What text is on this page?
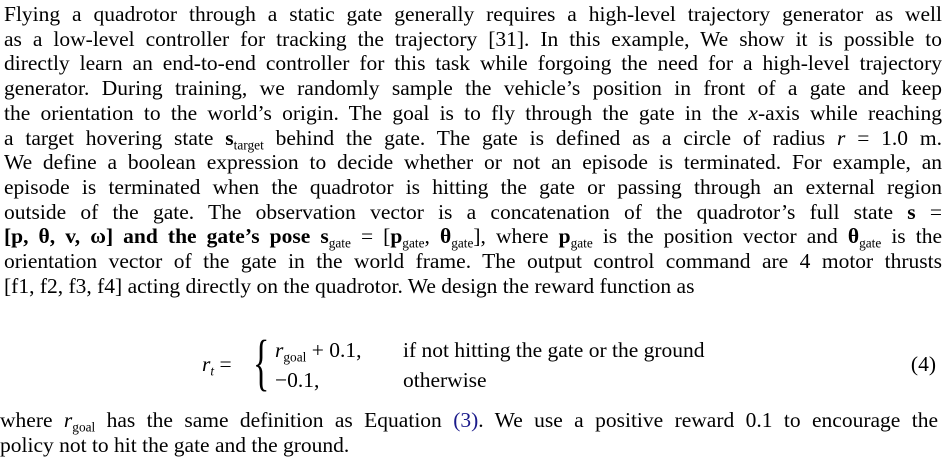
Flying a quadrotor through a static gate generally requires a high-level trajectory generator as well
as a low-level controller for tracking the trajectory [31]. In this example, We show it is possible to
directly learn an end-to-end controller for this task while forgoing the need for a high-level trajectory
generator. During training, we randomly sample the vehicle’s position in front of a gate and keep
the orientation to the world’s origin. The goal is to fly through the gate in the x-axis while reaching
a target hovering state $s_{target}$ behind the gate. The gate is defined as a circle of radius r = 1.0 m.
We define a boolean expression to decide whether or not an episode is terminated. For example, an
episode is terminated when the quadrotor is hitting the gate or passing through an external region
outside of the gate. The observation vector is a concatenation of the quadrotor’s full state s =
[p, θ, v, ω] and the gate’s pose $s_{gate} = [p_{gate}$, $\theta_{gate}$], where $p_{gate}$ is the position vector and $\theta_{gate}$ is the
orientation vector of the gate in the world frame. The output control command are 4 motor thrusts
[f1, f2, f3, f4] acting directly on the quadrotor. We design the reward function as
$r_t$ = { $r_{goal} + 0.1$, if not hitting the gate or the ground
−0.1,	otherwise
(4)
where $r_{goal}$ has the same definition as Equation (3). We use a positive reward 0.1 to encourage the
policy not to hit the gate and the ground.
